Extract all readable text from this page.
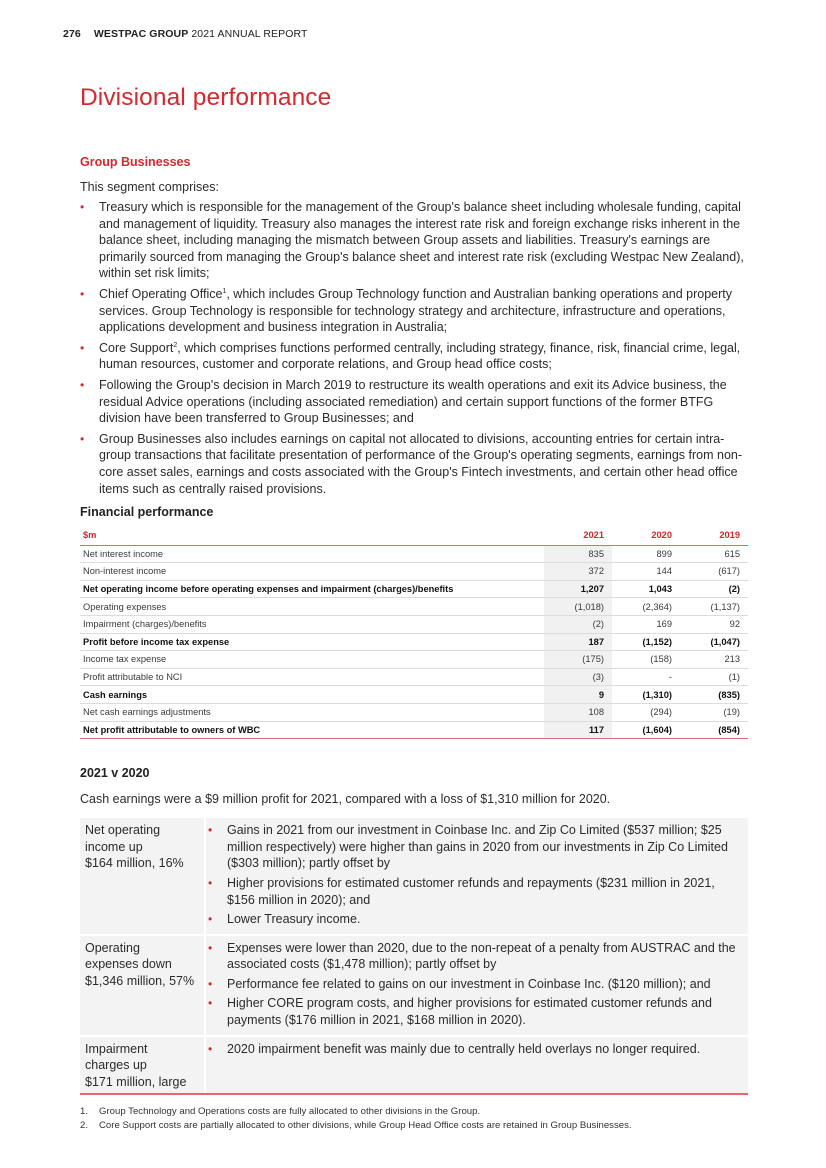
276 WESTPAC GROUP 2021 ANNUAL REPORT
Divisional performance
Group Businesses

This segment comprises:

• Treasury which is responsible for the management of the Group's balance sheet including wholesale funding, capital and management of liquidity. Treasury also manages the interest rate risk and foreign exchange risks inherent in the balance sheet, including managing the mismatch between Group assets and liabilities. Treasury's earnings are primarily sourced from managing the Group's balance sheet and interest rate risk (excluding Westpac New Zealand), within set risk limits;
• Chief Operating Office$^1$, which includes Group Technology function and Australian banking operations and property services. Group Technology is responsible for technology strategy and architecture, infrastructure and operations, applications development and business integration in Australia;
• Core Support$^2$, which comprises functions performed centrally, including strategy, finance, risk, financial crime, legal, human resources, customer and corporate relations, and Group head office costs;
• Following the Group's decision in March 2019 to restructure its wealth operations and exit its Advice business, the residual Advice operations (including associated remediation) and certain support functions of the former BTFG division have been transferred to Group Businesses; and
• Group Businesses also includes earnings on capital not allocated to divisions, accounting entries for certain intra-group transactions that facilitate presentation of performance of the Group's operating segments, earnings from non-core asset sales, earnings and costs associated with the Group's Fintech investments, and certain other head office items such as centrally raised provisions.
Financial performance
$m	2021	2020	2019
Net interest income	835	899	615
Non-interest income	372	144	(617)
Net operating income before operating expenses and impairment (charges)/benefits	1,207	1,043	(2)
Operating expenses	(1,018)	(2,364)	(1,137)
Impairment (charges)/benefits	(2)	169	92
Profit before income tax expense	187	(1,152)	(1,047)
Income tax expense	(175)	(158)	213
Profit attributable to NCI	(3)	-	(1)
Cash earnings	9	(1,310)	(835)
Net cash earnings adjustments	108	(294)	(19)
Net profit attributable to owners of WBC	117	(1,604)	(854)
2021 v 2020

Cash earnings were a $9 million profit for 2021, compared with a loss of $1,310 million for 2020.

Net operating
income up
$164 million, 16%

• Gains in 2021 from our investment in Coinbase Inc. and Zip Co Limited ($537 million; $25 million respectively) were higher than gains in 2020 from our investments in Zip Co Limited ($303 million); partly offset by
• Higher provisions for estimated customer refunds and repayments ($231 million in 2021, $156 million in 2020); and
• Lower Treasury income.

Operating
expenses down
$1,346 million, 57%

• Expenses were lower than 2020, due to the non-repeat of a penalty from AUSTRAC and the associated costs ($1,478 million); partly offset by
• Performance fee related to gains on our investment in Coinbase Inc. ($120 million); and
• Higher CORE program costs, and higher provisions for estimated customer refunds and payments ($176 million in 2021, $168 million in 2020).

Impairment
charges up
$171 million, large

• 2020 impairment benefit was mainly due to centrally held overlays no longer required.
1.	Group Technology and Operations costs are fully allocated to other divisions in the Group.
2.	Core Support costs are partially allocated to other divisions, while Group Head Office costs are retained in Group Businesses.
